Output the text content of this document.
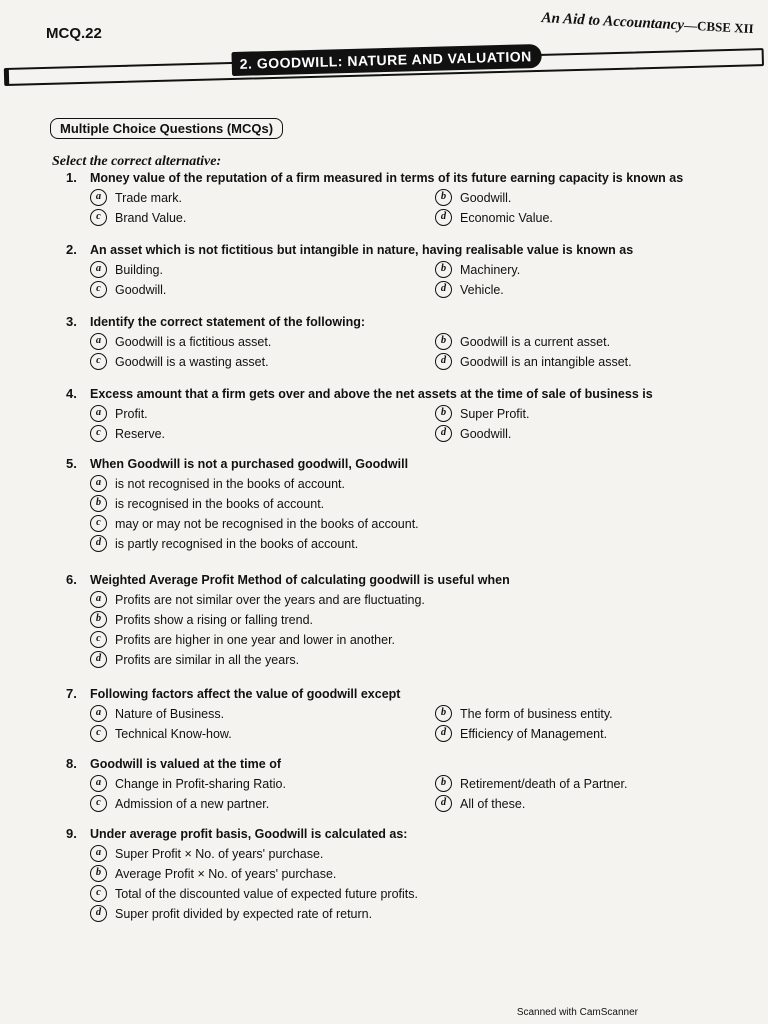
MCQ.22
An Aid to Accountancy—CBSE XII
2. GOODWILL: NATURE AND VALUATION
Multiple Choice Questions (MCQs)
Select the correct alternative:
1. Money value of the reputation of a firm measured in terms of its future earning capacity is known as
a	Trade mark.	b	Goodwill.
c	Brand Value.	d	Economic Value.
2. An asset which is not fictitious but intangible in nature, having realisable value is known as
a	Building.	b	Machinery.
c	Goodwill.	d	Vehicle.
3. Identify the correct statement of the following:
a	Goodwill is a fictitious asset.	b	Goodwill is a current asset.
c	Goodwill is a wasting asset.	d	Goodwill is an intangible asset.
4. Excess amount that a firm gets over and above the net assets at the time of sale of business is
a	Profit.	b	Super Profit.
c	Reserve.	d	Goodwill.
5. When Goodwill is not a purchased goodwill, Goodwill
a	is not recognised in the books of account.
b	is recognised in the books of account.
c	may or may not be recognised in the books of account.
d	is partly recognised in the books of account.
6. Weighted Average Profit Method of calculating goodwill is useful when
a	Profits are not similar over the years and are fluctuating.
b	Profits show a rising or falling trend.
c	Profits are higher in one year and lower in another.
d	Profits are similar in all the years.
7. Following factors affect the value of goodwill except
a	Nature of Business.	b	The form of business entity.
c	Technical Know-how.	d	Efficiency of Management.
8. Goodwill is valued at the time of
a	Change in Profit-sharing Ratio.	b	Retirement/death of a Partner.
c	Admission of a new partner.	d	All of these.
9. Under average profit basis, Goodwill is calculated as:
a	Super Profit × No. of years' purchase.
b	Average Profit × No. of years' purchase.
c	Total of the discounted value of expected future profits.
d	Super profit divided by expected rate of return.
Scanned with CamScanner
